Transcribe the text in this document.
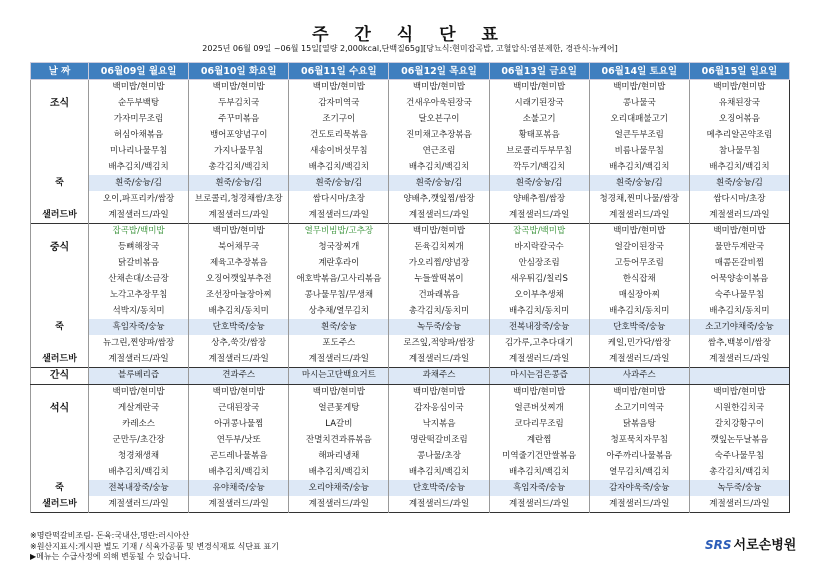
주 간 식 단 표
2025년 06월 09일 ~06월 15일[열량 2,000kcal,단백질65g][당뇨식:현미잡곡밥, 고혈압식:염분제한, 경관식:뉴케어]
날 짜	06월09일 월요일	06월10일 화요일	06월11일 수요일	06월12일 목요일	06월13일 금요일	06월14일 토요일	06월15일 일요일
	백미밥/현미밥	백미밥/현미밥	백미밥/현미밥	백미밥/현미밥	백미밥/현미밥	백미밥/현미밥	백미밥/현미밥
조식	순두부백탕	두부김치국	감자미역국	건새우아욱된장국	시래기된장국	콩나물국	유채된장국
	가자미무조림	주꾸미볶음	조기구이	달오븐구이	소불고기	오리대패불고기	오징어볶음
	허심아채볶음	뱅어포양념구이	건도토리묵볶음	진미채고추장볶음	황태포볶음	얼큰두부조림	메추리알곤약조림
	미나리나물무침	가지나물무침	새송이버섯무침	연근조림	브로콜리두부무침	비름나물무침	참나물무침
	배추김치/백김치	총각김치/백김치	배추김치/백김치	배추김치/백김치	깍두기/백김치	배추김치/백김치	배추김치/백김치
죽	흰죽/숭늉/김	흰죽/숭늉/김	흰죽/숭늉/김	흰죽/숭늉/김	흰죽/숭늉/김	흰죽/숭늉/김	흰죽/숭늉/김
	오이,파프리카/쌈장	브로콜리,청경채쌈/초장	쌈다시마/초장	양배추,깻잎찜/쌈장	양배추찜/쌈장	청경채,찐미나물/쌈장	쌈다시마/초장
샐러드바	계절샐러드/과일	계절샐러드/과일	계절샐러드/과일	계절샐러드/과일	계절샐러드/과일	계절샐러드/과일	계절샐러드/과일
	잡곡밥/백미밥	백미밥/현미밥	열무비빔밥/고추장	백미밥/현미밥	잡곡밥/백미밥	백미밥/현미밥	백미밥/현미밥
중식	등뼈해장국	북어채무국	청국장찌개	돈육김치찌개	바지락칼국수	얼갈이된장국	물만두계란국
	닭갈비볶음	제육고추장볶음	계란후라이	가오리찜/양념장	안심장조림	고등어무조림	매콤돈갈비찜
	산채손대/소금장	오징어깻잎부추전	애호박볶음/고사리볶음	누들쌀떡볶이	새우튀김/칠리S	한식잡채	어묵양송이볶음
	노각고추장무침	조선장마늘장아찌	콩나물무침/무생채	건파래볶음	오이부추생채	매실장아찌	숙주나물무침
	석박지/동치미	배추김치/동치미	상추채/열무김치	총각김치/동치미	배추김치/동치미	배추김치/동치미	배추김치/동치미
죽	흑임자죽/숭늉	단호박죽/숭늉	흰죽/숭늉	녹두죽/숭늉	전복내장죽/숭늉	단호박죽/숭늉	소고기야채죽/숭늉
	뉴그린,찐양파/쌈장	상추,쑥갓/쌈장	포도주스	로즈잎,적양파/쌈장	김가루,고추다대기	케일,민가닥/쌈장	쌈추,백봉이/쌈장
샐러드바	계절샐러드/과일	계절샐러드/과일	계절샐러드/과일	계절샐러드/과일	계절샐러드/과일	계절샐러드/과일	계절샐러드/과일
간식	블루베리즙	견과주스	마시는고단백요거트	과채주스	마시는검은콩즙	사과주스	
	백미밥/현미밥	백미밥/현미밥	백미밥/현미밥	백미밥/현미밥	백미밥/현미밥	백미밥/현미밥	백미밥/현미밥
석식	게살계란국	근대된장국	얼큰꽃게탕	감자옹심이국	얼큰버섯찌개	소고기미역국	시원한김치국
	카레소스	아귀콩나물찜	LA갈비	낙지볶음	코다리무조림	닭볶음탕	갈치강황구이
	군만두/초간장	연두부/낫또	잔멸치견과류볶음	명란떡갈비조림	계란찜	청포묵치자무침	깻잎논두날볶음
	청경채생채	곤드레나물볶음	해파리냉채	콩나물/초장	미역줄기건만쌀볶음	아주까리나물볶음	숙주나물무침
	배추김치/백김치	배추김치/백김치	배추김치/백김치	배추김치/백김치	배추김치/백김치	열무김치/백김치	총각김치/백김치
죽	전복내장죽/숭늉	유야채죽/숭늉	오리야채죽/숭늉	단호박죽/숭늉	흑임자죽/숭늉	감자야욱죽/숭늉	녹두죽/숭늉
샐러드바	계절샐러드/과일	계절샐러드/과일	계절샐러드/과일	계절샐러드/과일	계절샐러드/과일	계절샐러드/과일	계절샐러드/과일
※명란떡갈비조림- 돈육:국내산,명란:러시아산
※원산지표시:게시판 별도 기재 / 식육가공품 및 변경식재료 식단표 표기
▶메뉴는 수급사정에 의해 변동될 수 있습니다.
SRS 서로손병원
